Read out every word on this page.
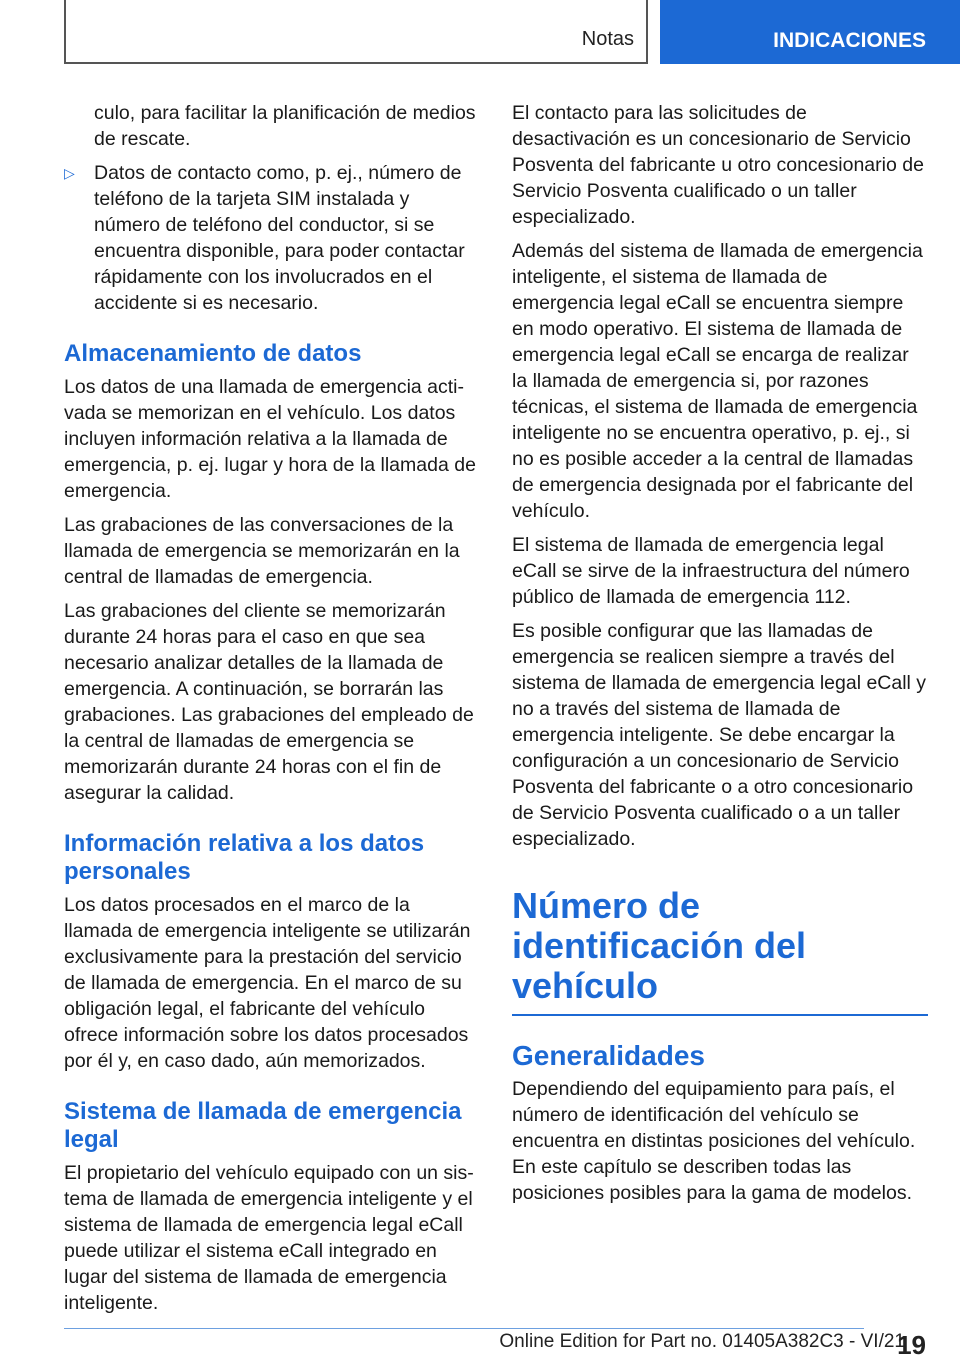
Notas	INDICACIONES

culo, para facilitar la planificación de medios de rescate.

▷ Datos de contacto como, p. ej., número de teléfono de la tarjeta SIM instalada y número de teléfono del conductor, si se encuentra disponible, para poder contactar rápidamente con los involucrados en el accidente si es necesario.
Almacenamiento de datos

Los datos de una llamada de emergencia activada se memorizan en el vehículo. Los datos incluyen información relativa a la llamada de emergencia, p. ej. lugar y hora de la llamada de emergencia.

Las grabaciones de las conversaciones de la llamada de emergencia se memorizarán en la central de llamadas de emergencia.

Las grabaciones del cliente se memorizarán durante 24 horas para el caso en que sea necesario analizar detalles de la llamada de emergencia. A continuación, se borrarán las grabaciones. Las grabaciones del empleado de la central de llamadas de emergencia se memorizarán durante 24 horas con el fin de asegurar la calidad.

Información relativa a los datos personales

Los datos procesados en el marco de la llamada de emergencia inteligente se utilizarán exclusivamente para la prestación del servicio de llamada de emergencia. En el marco de su obligación legal, el fabricante del vehículo ofrece información sobre los datos procesados por él y, en caso dado, aún memorizados.

Sistema de llamada de emergencia legal

El propietario del vehículo equipado con un sistema de llamada de emergencia inteligente y el sistema de llamada de emergencia legal eCall puede utilizar el sistema eCall integrado en lugar del sistema de llamada de emergencia inteligente.

El contacto para las solicitudes de desactivación es un concesionario de Servicio Posventa del fabricante u otro concesionario de Servicio Posventa cualificado o un taller especializado.

Además del sistema de llamada de emergencia inteligente, el sistema de llamada de emergencia legal eCall se encuentra siempre en modo operativo. El sistema de llamada de emergencia legal eCall se encarga de realizar la llamada de emergencia si, por razones técnicas, el sistema de llamada de emergencia inteligente no se encuentra operativo, p. ej., si no es posible acceder a la central de llamadas de emergencia designada por el fabricante del vehículo.

El sistema de llamada de emergencia legal eCall se sirve de la infraestructura del número público de llamada de emergencia 112.

Es posible configurar que las llamadas de emergencia se realicen siempre a través del sistema de llamada de emergencia legal eCall y no a través del sistema de llamada de emergencia inteligente. Se debe encargar la configuración a un concesionario de Servicio Posventa del fabricante o a otro concesionario de Servicio Posventa cualificado o a un taller especializado.

Número de identificación del vehículo
Generalidades

Dependiendo del equipamiento para país, el número de identificación del vehículo se encuentra en distintas posiciones del vehículo. En este capítulo se describen todas las posiciones posibles para la gama de modelos.

19
Online Edition for Part no. 01405A382C3 - VI/21
